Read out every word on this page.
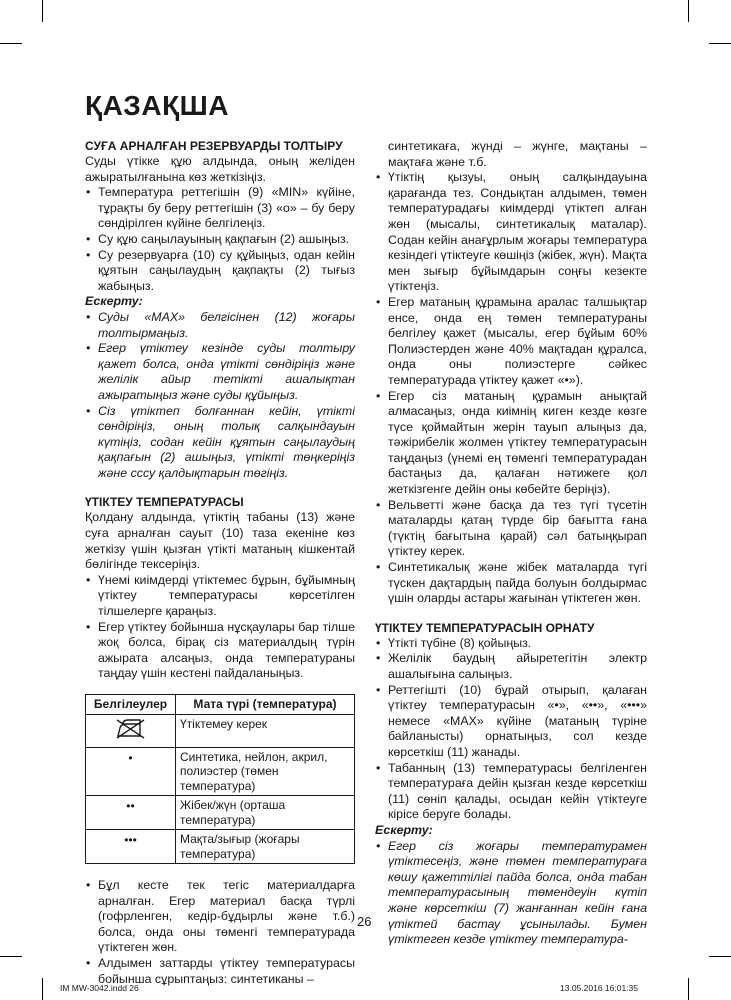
ҚАЗАҚША
СУҒА АРНАЛҒАН РЕЗЕРВУАРДЫ ТОЛТЫРУ

Суды үтікке құю алдында, оның желіден ажыратылғанына көз жеткізіңіз.

• Температура реттегішін (9) «MIN» күйіне, тұрақты бу беру реттегішін (3) «о» – бу беру сөндірілген күйіне белгілеңіз.
• Су құю саңылауының қақпағын (2) ашыңыз.
• Су резервуарға (10) су құйыңыз, одан кейін құятын саңылаудың қақпақты (2) тығыз жабыңыз.
Ескерту:
• Суды «MAX» белгісінен (12) жоғары толтырмаңыз.
• Егер үтіктеу кезінде суды толтыру қажет болса, онда үтікті сөндіріңіз және желілік айыр тетікті ашалықтан ажыратыңыз және суды құйыңыз.
• Сіз үтіктеп болғаннан кейін, үтікті сөндіріңіз, оның толық салқындауын күтіңіз, содан кейін құятын саңылаудың қақпағын (2) ашыңыз, үтікті төңкеріңіз және сссу қалдықтарын төгіңіз.
ҮТІКТЕУ ТЕМПЕРАТУРАСЫ

Қолдану алдында, үтіктің табаны (13) және суға арналған сауыт (10) таза екеніне көз жеткізу үшін қызған үтікті матаның кішкентай бөлігінде тексеріңіз.

• Үнемі киімдерді үтіктемес бұрын, бұйымның үтіктеу температурасы көрсетілген тілшелерге қараңыз.
• Егер үтіктеу бойынша нұсқаулары бар тілше жоқ болса, бірақ сіз материалдың түрін ажырата алсаңыз, онда температураны таңдау үшін кестені пайдаланыңыз.
Белгілеулер	Мата түрі (температура)
	Үтіктемеу керек
•	Синтетика, нейлон, акрил, полиэстер (төмен температура)
••	Жібек/жүн (орташа температура)
•••	Мақта/зығыр (жоғары температура)
• Бұл кесте тек тегіс материалдарға арналған. Егер материал басқа түрлі (гофрленген, кедір-бұдырлы және т.б.) болса, онда оны төменгі температурада үтіктеген жөн.
• Алдымен заттарды үтіктеу температурасы бойынша сұрыптаңыз: синтетиканы –

синтетикаға, жүнді – жүнге, мақтаны – мақтаға және т.б.

• Үтіктің қызуы, оның салқындауына қарағанда тез. Сондықтан алдымен, төмен температурадағы киімдерді үтіктеп алған жөн (мысалы, синтетикалық маталар). Содан кейін анағұрлым жоғары температура кезіндегі үтіктеуге көшіңіз (жібек, жүн). Мақта мен зығыр бұйымдарын соңғы кезекте үтіктеңіз.
• Егер матаның құрамына аралас талшықтар енсе, онда ең төмен температураны белгілеу қажет (мысалы, егер бұйым 60% Полиэстерден және 40% мақтадан құралса, онда оны полиэстерге сәйкес температурада үтіктеу қажет «•»).
• Егер сіз матаның құрамын анықтай алмасаңыз, онда киімнің киген кезде көзге түсе қоймайтын жерін тауып алыңыз да, тәжірибелік жолмен үтіктеу температурасын таңдаңыз (үнемі ең төменгі температурадан бастаңыз да, қалаған нәтижеге қол жеткізгенге дейін оны көбейте беріңіз).
• Вельветті және басқа да тез түгі түсетін маталарды қатаң түрде бір бағытта ғана (түктің бағытына қарай) сәл батыңқырап үтіктеу керек.
• Синтетикалық және жібек маталарда түгі түскен дақтардың пайда болуын болдырмас үшін оларды астары жағынан үтіктеген жөн.
ҮТІКТЕУ ТЕМПЕРАТУРАСЫН ОРНАТУ
• Үтікті түбіне (8) қойыңыз.
• Желілік баудың айыретегітін электр ашалығына салыңыз.
• Реттегішті (10) бұрай отырып, қалаған үтіктеу температурасын «•», «••», «•••» немесе «MAX» күйіне (матаның түріне байланысты) орнатыңыз, сол кезде көрсеткіш (11) жанады.
• Табанның (13) температурасы белгіленген температураға дейін қызған кезде көрсеткіш (11) сөніп қалады, осыдан кейін үтіктеуге кірісе беруге болады.
Ескерту:
• Егер сіз жоғары температурамен үтіктесеңіз, және төмен температураға көшу қажеттілігі пайда болса, онда табан температурасының төмендеуін күтіп және көрсеткіш (7) жанғаннан кейін ғана үтіктей бастау ұсынылады. Бумен үтіктеген кезде үтіктеу температура-
26
IM MW-3042.indd 26	13.05.2016 16:01:35
